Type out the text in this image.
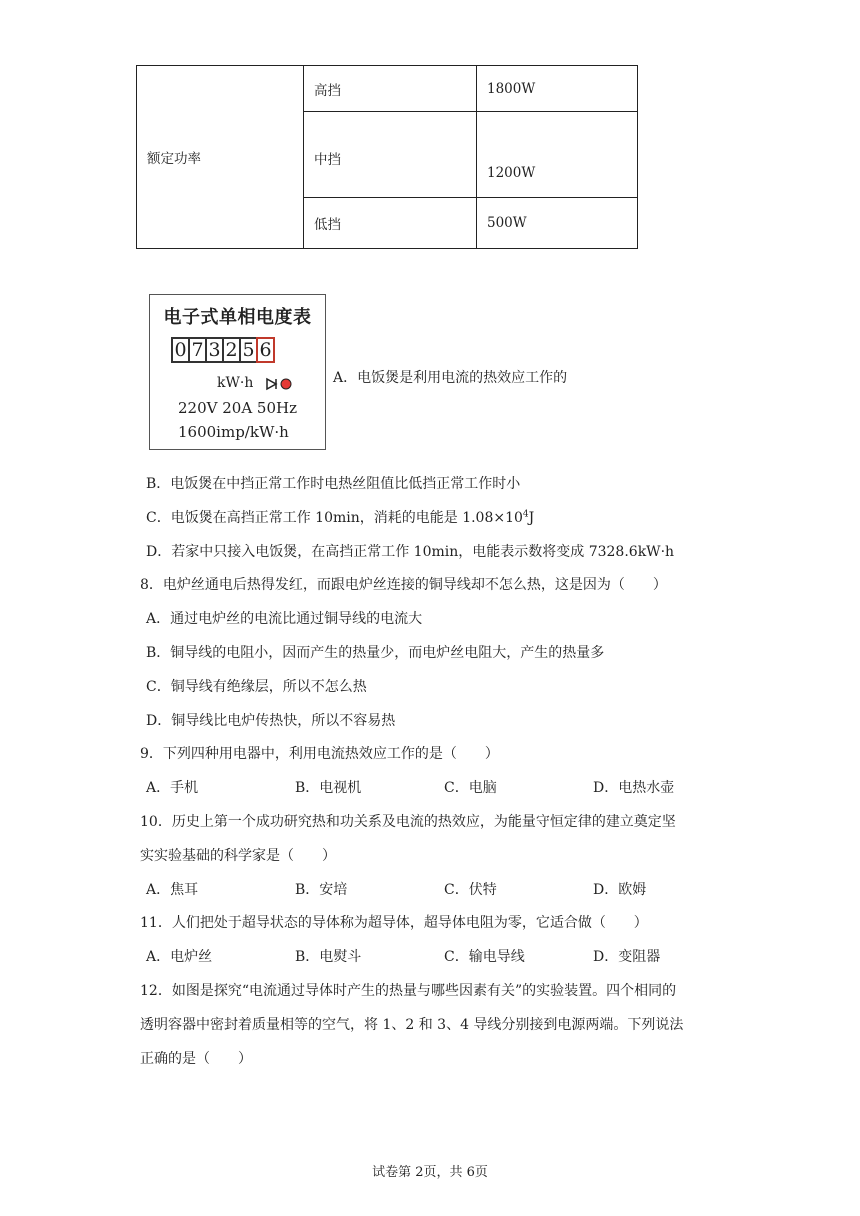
额定功率	高挡	1800W
	中挡	1200W
	低挡	500W
电子式单相电度表
0 7 3 2 5 6
kW·h
220V 20A 50Hz
1600imp/kW·h
A．电饭煲是利用电流的热效应工作的
B．电饭煲在中挡正常工作时电热丝阻值比低挡正常工作时小
C．电饭煲在高挡正常工作 10min，消耗的电能是 $1.08\times 10^4J$
D．若家中只接入电饭煲，在高挡正常工作 10min，电能表示数将变成 7328.6kW·h
8．电炉丝通电后热得发红，而跟电炉丝连接的铜导线却不怎么热，这是因为（　　）
A．通过电炉丝的电流比通过铜导线的电流大
B．铜导线的电阻小，因而产生的热量少，而电炉丝电阻大，产生的热量多
C．铜导线有绝缘层，所以不怎么热
D．铜导线比电炉传热快，所以不容易热
9．下列四种用电器中，利用电流热效应工作的是（　　）
A．手机	B．电视机	C．电脑	D．电热水壶
10．历史上第一个成功研究热和功关系及电流的热效应，为能量守恒定律的建立奠定坚
实实验基础的科学家是（　　）
A．焦耳	B．安培	C．伏特	D．欧姆
11．人们把处于超导状态的导体称为超导体，超导体电阻为零，它适合做（　　）
A．电炉丝	B．电熨斗	C．输电导线	D．变阻器
12．如图是探究“电流通过导体时产生的热量与哪些因素有关”的实验装置。四个相同的
透明容器中密封着质量相等的空气，将 1、2 和 3、4 导线分别接到电源两端。下列说法
正确的是（　　）
试卷第 2页，共 6页
